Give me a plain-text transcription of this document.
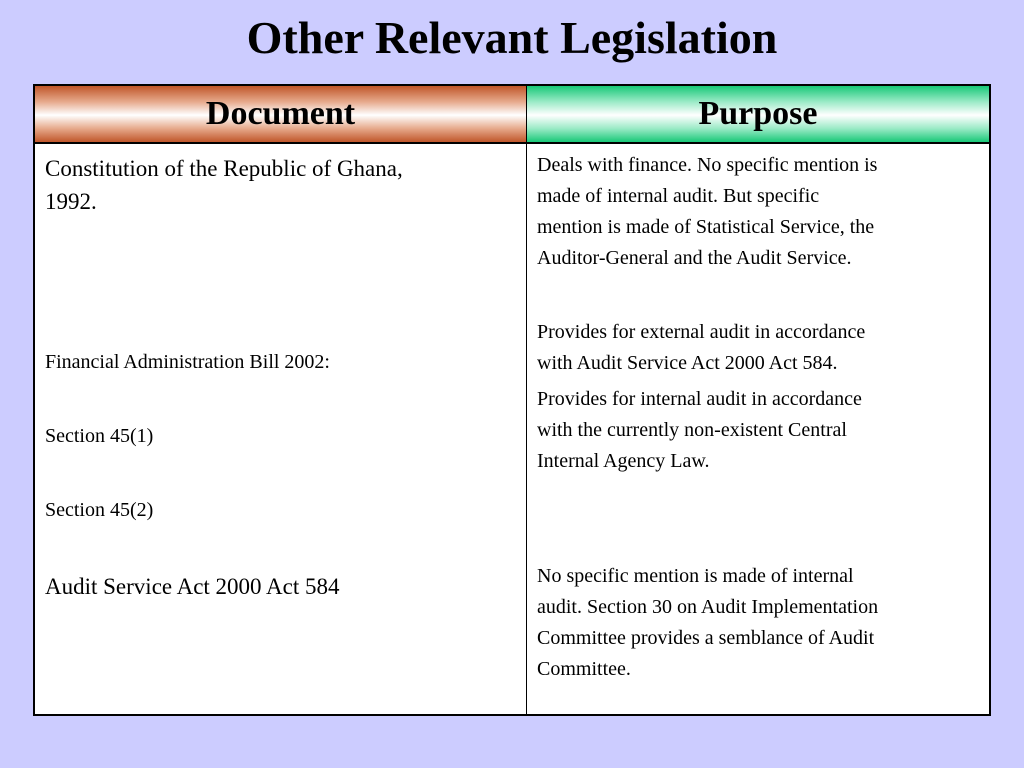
Other Relevant Legislation
Document	Purpose

Constitution of the Republic of Ghana,
1992.

Financial Administration Bill 2002:

Section 45(1)

Section 45(2)

Audit Service Act 2000 Act 584

Deals with finance. No specific mention is
made of internal audit. But specific
mention is made of Statistical Service, the
Auditor-General and the Audit Service.

Provides for external audit in accordance
with Audit Service Act 2000 Act 584.

Provides for internal audit in accordance
with the currently non-existent Central
Internal Agency Law.

No specific mention is made of internal
audit. Section 30 on Audit Implementation
Committee provides a semblance of Audit
Committee.
